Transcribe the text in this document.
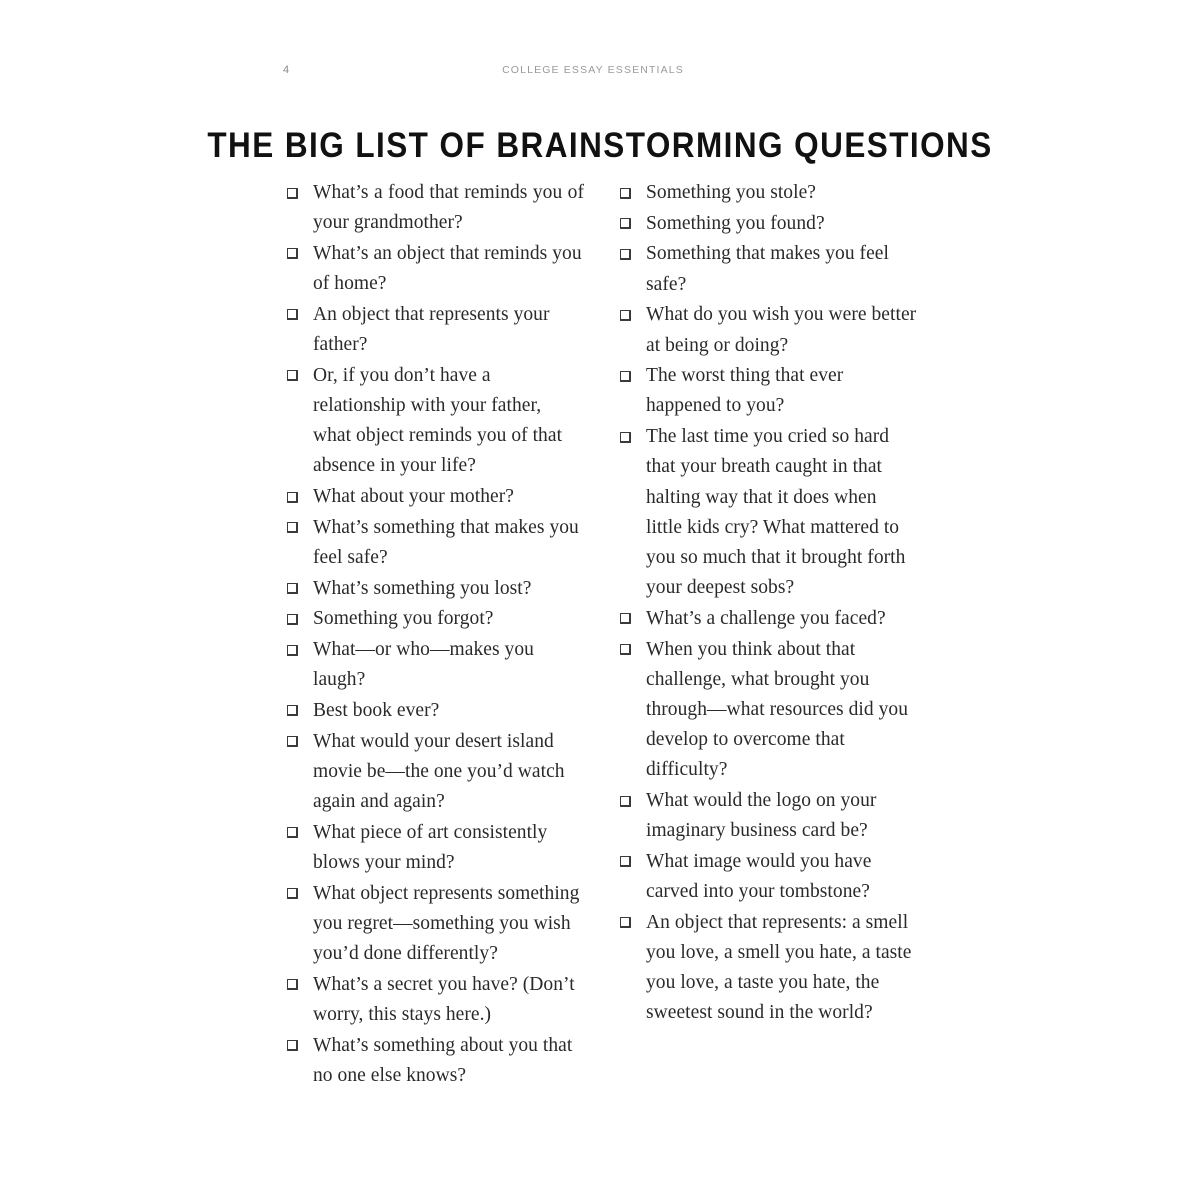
4	COLLEGE ESSAY ESSENTIALS
THE BIG LIST OF BRAINSTORMING QUESTIONS
What’s a food that reminds you of your grandmother?
What’s an object that reminds you of home?
An object that represents your father?
Or, if you don’t have a relationship with your father, what object reminds you of that absence in your life?
What about your mother?
What’s something that makes you feel safe?
What’s something you lost?
Something you forgot?
What—or who—makes you laugh?
Best book ever?
What would your desert island movie be—the one you’d watch again and again?
What piece of art consistently blows your mind?
What object represents something you regret—something you wish you’d done differently?
What’s a secret you have? (Don’t worry, this stays here.)
What’s something about you that no one else knows?
Something you stole?
Something you found?
Something that makes you feel safe?
What do you wish you were better at being or doing?
The worst thing that ever happened to you?
The last time you cried so hard that your breath caught in that halting way that it does when little kids cry? What mattered to you so much that it brought forth your deepest sobs?
What’s a challenge you faced?
When you think about that challenge, what brought you through—what resources did you develop to overcome that difficulty?
What would the logo on your imaginary business card be?
What image would you have carved into your tombstone?
An object that represents: a smell you love, a smell you hate, a taste you love, a taste you hate, the sweetest sound in the world?
